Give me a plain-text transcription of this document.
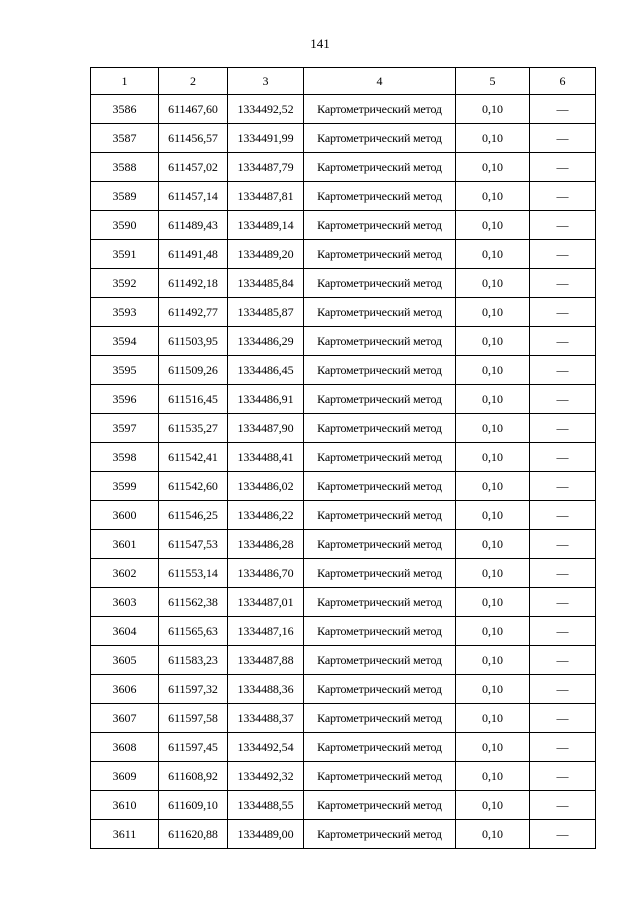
141
1	2	3	4	5	6
3586	611467,60	1334492,52	Картометрический метод	0,10	—
3587	611456,57	1334491,99	Картометрический метод	0,10	—
3588	611457,02	1334487,79	Картометрический метод	0,10	—
3589	611457,14	1334487,81	Картометрический метод	0,10	—
3590	611489,43	1334489,14	Картометрический метод	0,10	—
3591	611491,48	1334489,20	Картометрический метод	0,10	—
3592	611492,18	1334485,84	Картометрический метод	0,10	—
3593	611492,77	1334485,87	Картометрический метод	0,10	—
3594	611503,95	1334486,29	Картометрический метод	0,10	—
3595	611509,26	1334486,45	Картометрический метод	0,10	—
3596	611516,45	1334486,91	Картометрический метод	0,10	—
3597	611535,27	1334487,90	Картометрический метод	0,10	—
3598	611542,41	1334488,41	Картометрический метод	0,10	—
3599	611542,60	1334486,02	Картометрический метод	0,10	—
3600	611546,25	1334486,22	Картометрический метод	0,10	—
3601	611547,53	1334486,28	Картометрический метод	0,10	—
3602	611553,14	1334486,70	Картометрический метод	0,10	—
3603	611562,38	1334487,01	Картометрический метод	0,10	—
3604	611565,63	1334487,16	Картометрический метод	0,10	—
3605	611583,23	1334487,88	Картометрический метод	0,10	—
3606	611597,32	1334488,36	Картометрический метод	0,10	—
3607	611597,58	1334488,37	Картометрический метод	0,10	—
3608	611597,45	1334492,54	Картометрический метод	0,10	—
3609	611608,92	1334492,32	Картометрический метод	0,10	—
3610	611609,10	1334488,55	Картометрический метод	0,10	—
3611	611620,88	1334489,00	Картометрический метод	0,10	—
